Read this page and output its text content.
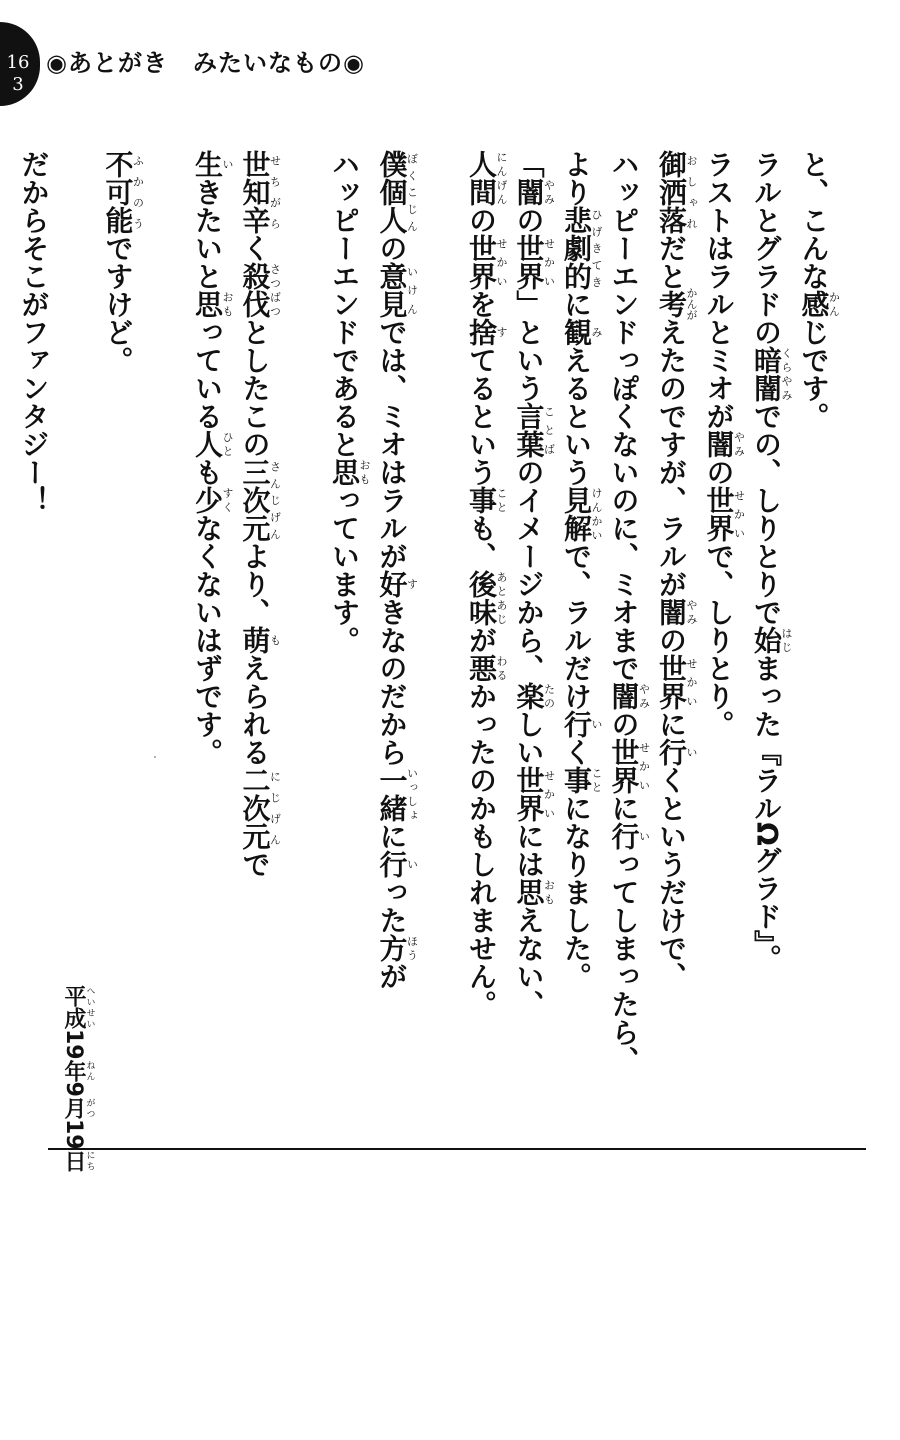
163
◉あとがき　みたいなもの◉

と、こんな感かんじです。

ラルとグラドの暗闇くらやみでの、しりとりで始はじまった『ラルΩグラド』。

ラストはラルとミオが闇やみの世界せかいで、しりとり。

御洒落おしゃれだと考かんがえたのですが、ラルが闇やみの世界せかいに行いくというだけで、

ハッピーエンドっぽくないのに、ミオまで闇やみの世界せかいに行いってしまったら、

より悲劇的ひげきてきに観みえるという見解けんかいで、ラルだけ行いく事ことになりました。

「闇やみの世界せかい」という言葉ことばのイメージから、楽たのしい世界せかいには思おもえない、

人間にんげんの世界せかいを捨すてるという事ことも、後味あとあじが悪わるかったのかもしれません。

僕個人ぼくこじんの意見いけんでは、ミオはラルが好すきなのだから一緒いっしょに行いった方ほうが

ハッピーエンドであると思おもっています。

世知辛せちがらく殺伐さつばつとしたこの三次元さんじげんより、萌もえられる二次元にじげんで

生いきたいと思おもっている人ひとも少すくなくないはずです。

不可能ふかのうですけど。

だからそこがファンタジー！

平成へいせい19年ねん9月がつ19日にち
